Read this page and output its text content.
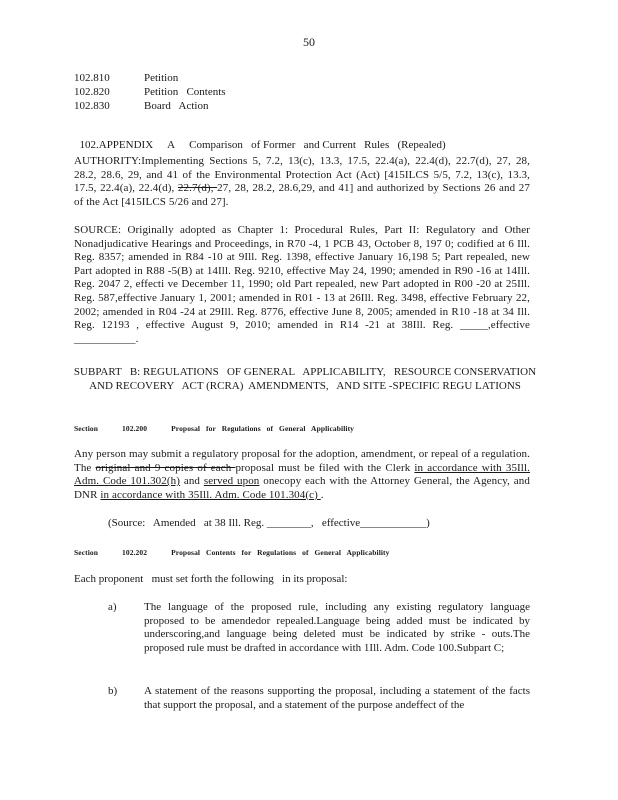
50
102.810	Petition
102.820	Petition   Contents
102.830	Board   Action

102.APPENDIX A Comparison   of Former   and Current   Rules   (Repealed)

AUTHORITY:Implementing Sections 5, 7.2, 13(c), 13.3, 17.5, 22.4(a), 22.4(d), 22.7(d), 27, 28, 28.2, 28.6, 29, and 41 of the Environmental Protection Act (Act) [415ILCS 5/5, 7.2, 13(c), 13.3, 17.5, 22.4(a), 22.4(d), 22.7(d), 27, 28, 28.2, 28.6,29, and 41] and authorized by Sections 26 and 27 of the Act [415ILCS 5/26 and 27].
SOURCE: Originally adopted as Chapter 1: Procedural Rules, Part II: Regulatory and Other Nonadjudicative Hearings and Proceedings, in R70 -4, 1 PCB 43, October 8, 197 0; codified at 6 Ill. Reg. 8357; amended in R84 -10 at 9Ill. Reg. 1398, effective January 16,198 5; Part repealed, new Part adopted in R88 -5(B) at 14Ill. Reg. 9210, effective May 24, 1990; amended in R90 -16 at 14Ill. Reg. 2047 2, effecti ve December 11, 1990; old Part repealed, new Part adopted in R00 -20 at 25Ill. Reg. 587,effective January 1, 2001; amended in R01 - 13 at 26Ill. Reg. 3498, effective February 22, 2002; amended in R04 -24 at 29Ill. Reg. 8776, effective June 8, 2005; amended in R10 -18 at 34 Ill. Reg. 12193 , effective August 9, 2010; amended in R14 -21 at 38Ill. Reg. _____,effective ___________.
SUBPART   B: REGULATIONS   OF GENERAL   APPLICABILITY,   RESOURCE CONSERVATION   AND RECOVERY   ACT (RCRA)  AMENDMENTS,   AND SITE -SPECIFIC REGU LATIONS
Section	102.200	Proposal   for   Regulations   of   General   Applicability
Any person may submit a regulatory proposal for the adoption, amendment, or repeal of a regulation. The original and 9 copies of each proposal must be filed with the Clerk in accordance with 35Ill. Adm. Code 101.302(h) and served upon onecopy each with the Attorney General, the Agency, and DNR in accordance with 35Ill. Adm. Code 101.304(c) .
(Source:   Amended   at 38 Ill. Reg. ________,   effective____________)
Section	102.202	Proposal   Contents   for   Regulations   of   General   Applicability
Each proponent   must set forth the following   in its proposal:
a) The language of the proposed rule, including any existing regulatory language proposed to be amendedor repealed.Language being added must be indicated by underscoring,and language being deleted must be indicated by strike - outs.The proposed rule must be drafted in accordance with 1Ill. Adm. Code 100.Subpart C;
b) A statement of the reasons supporting the proposal, including a statement of the facts that support the proposal, and a statement of the purpose andeffect of the
